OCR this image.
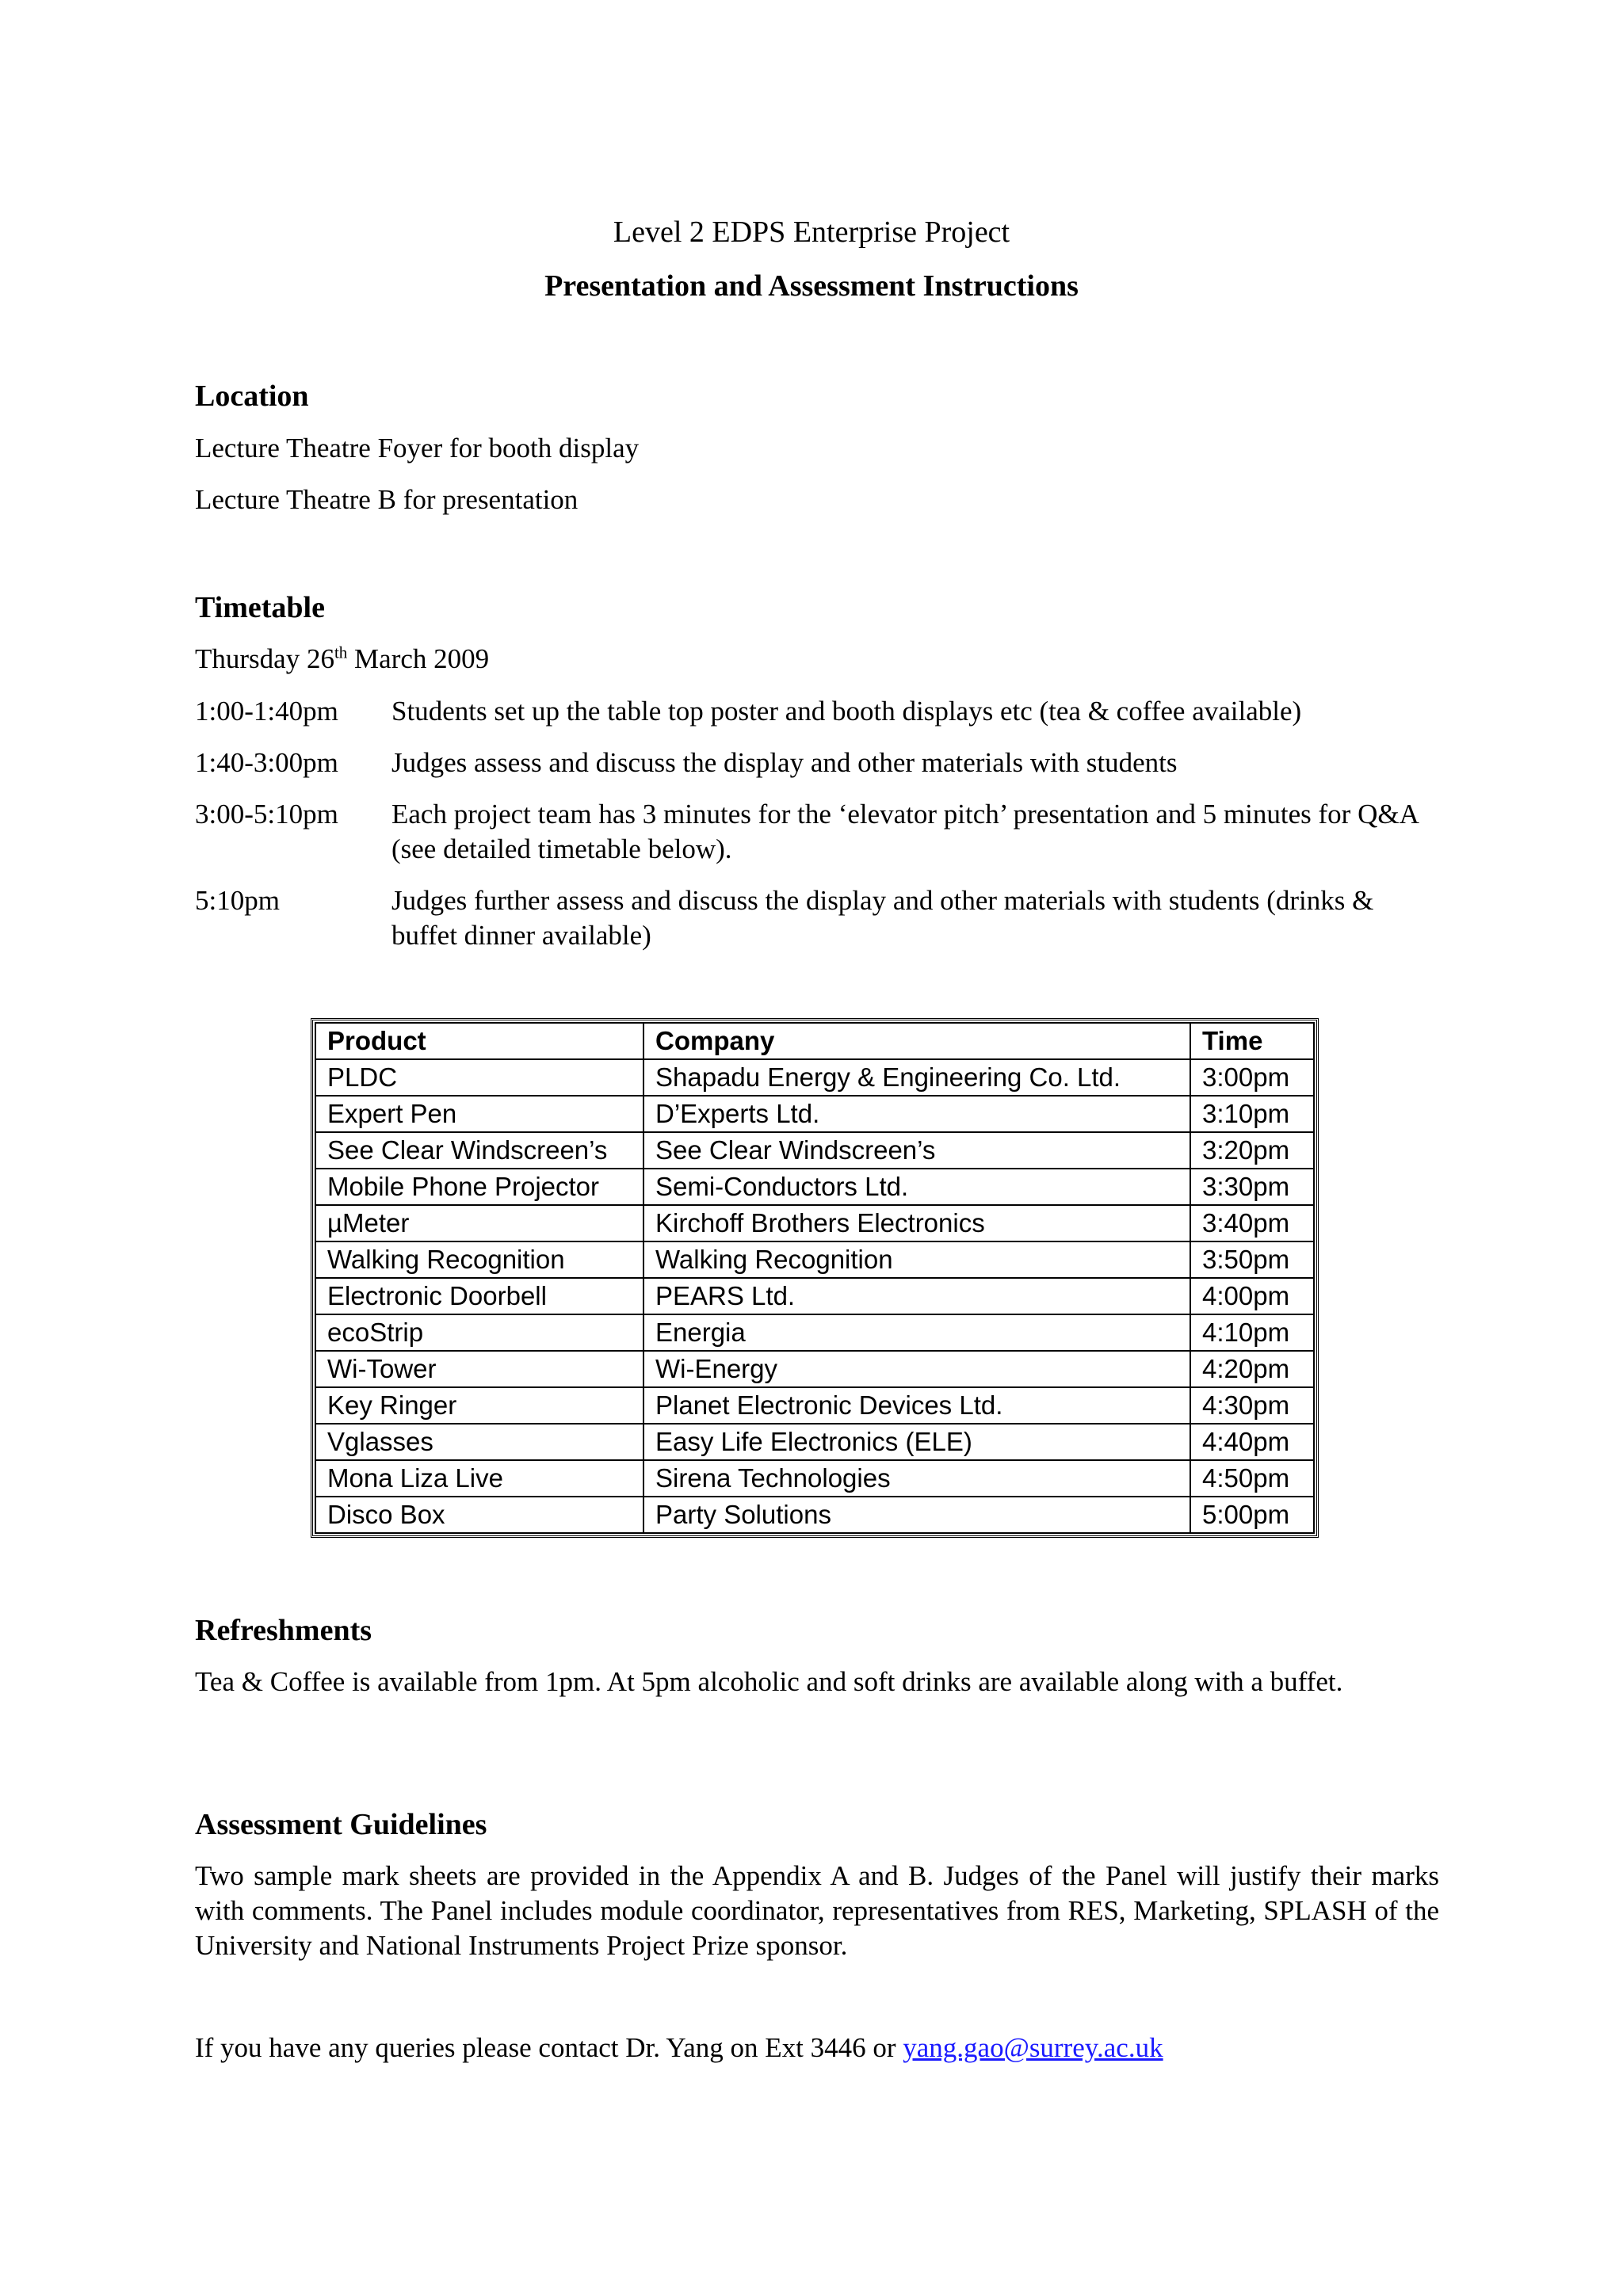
Level 2 EDPS Enterprise Project
Presentation and Assessment Instructions
Location
Lecture Theatre Foyer for booth display
Lecture Theatre B for presentation
Timetable
Thursday 26th March 2009
1:00-1:40pm	Students set up the table top poster and booth displays etc (tea & coffee available)
1:40-3:00pm	Judges assess and discuss the display and other materials with students
3:00-5:10pm	Each project team has 3 minutes for the ‘elevator pitch’ presentation and 5 minutes for Q&A (see detailed timetable below).
5:10pm	Judges further assess and discuss the display and other materials with students (drinks & buffet dinner available)
Product	Company	Time
PLDC	Shapadu Energy & Engineering Co. Ltd.	3:00pm
Expert Pen	D’Experts Ltd.	3:10pm
See Clear Windscreen’s	See Clear Windscreen’s	3:20pm
Mobile Phone Projector	Semi-Conductors Ltd.	3:30pm
µMeter	Kirchoff Brothers Electronics	3:40pm
Walking Recognition	Walking Recognition	3:50pm
Electronic Doorbell	PEARS Ltd.	4:00pm
ecoStrip	Energia	4:10pm
Wi-Tower	Wi-Energy	4:20pm
Key Ringer	Planet Electronic Devices Ltd.	4:30pm
Vglasses	Easy Life Electronics (ELE)	4:40pm
Mona Liza Live	Sirena Technologies	4:50pm
Disco Box	Party Solutions	5:00pm
Refreshments
Tea & Coffee is available from 1pm. At 5pm alcoholic and soft drinks are available along with a buffet.
Assessment Guidelines
Two sample mark sheets are provided in the Appendix A and B. Judges of the Panel will justify their marks with comments. The Panel includes module coordinator, representatives from RES, Marketing, SPLASH of the University and National Instruments Project Prize sponsor.
If you have any queries please contact Dr. Yang on Ext 3446 or yang.gao@surrey.ac.uk
